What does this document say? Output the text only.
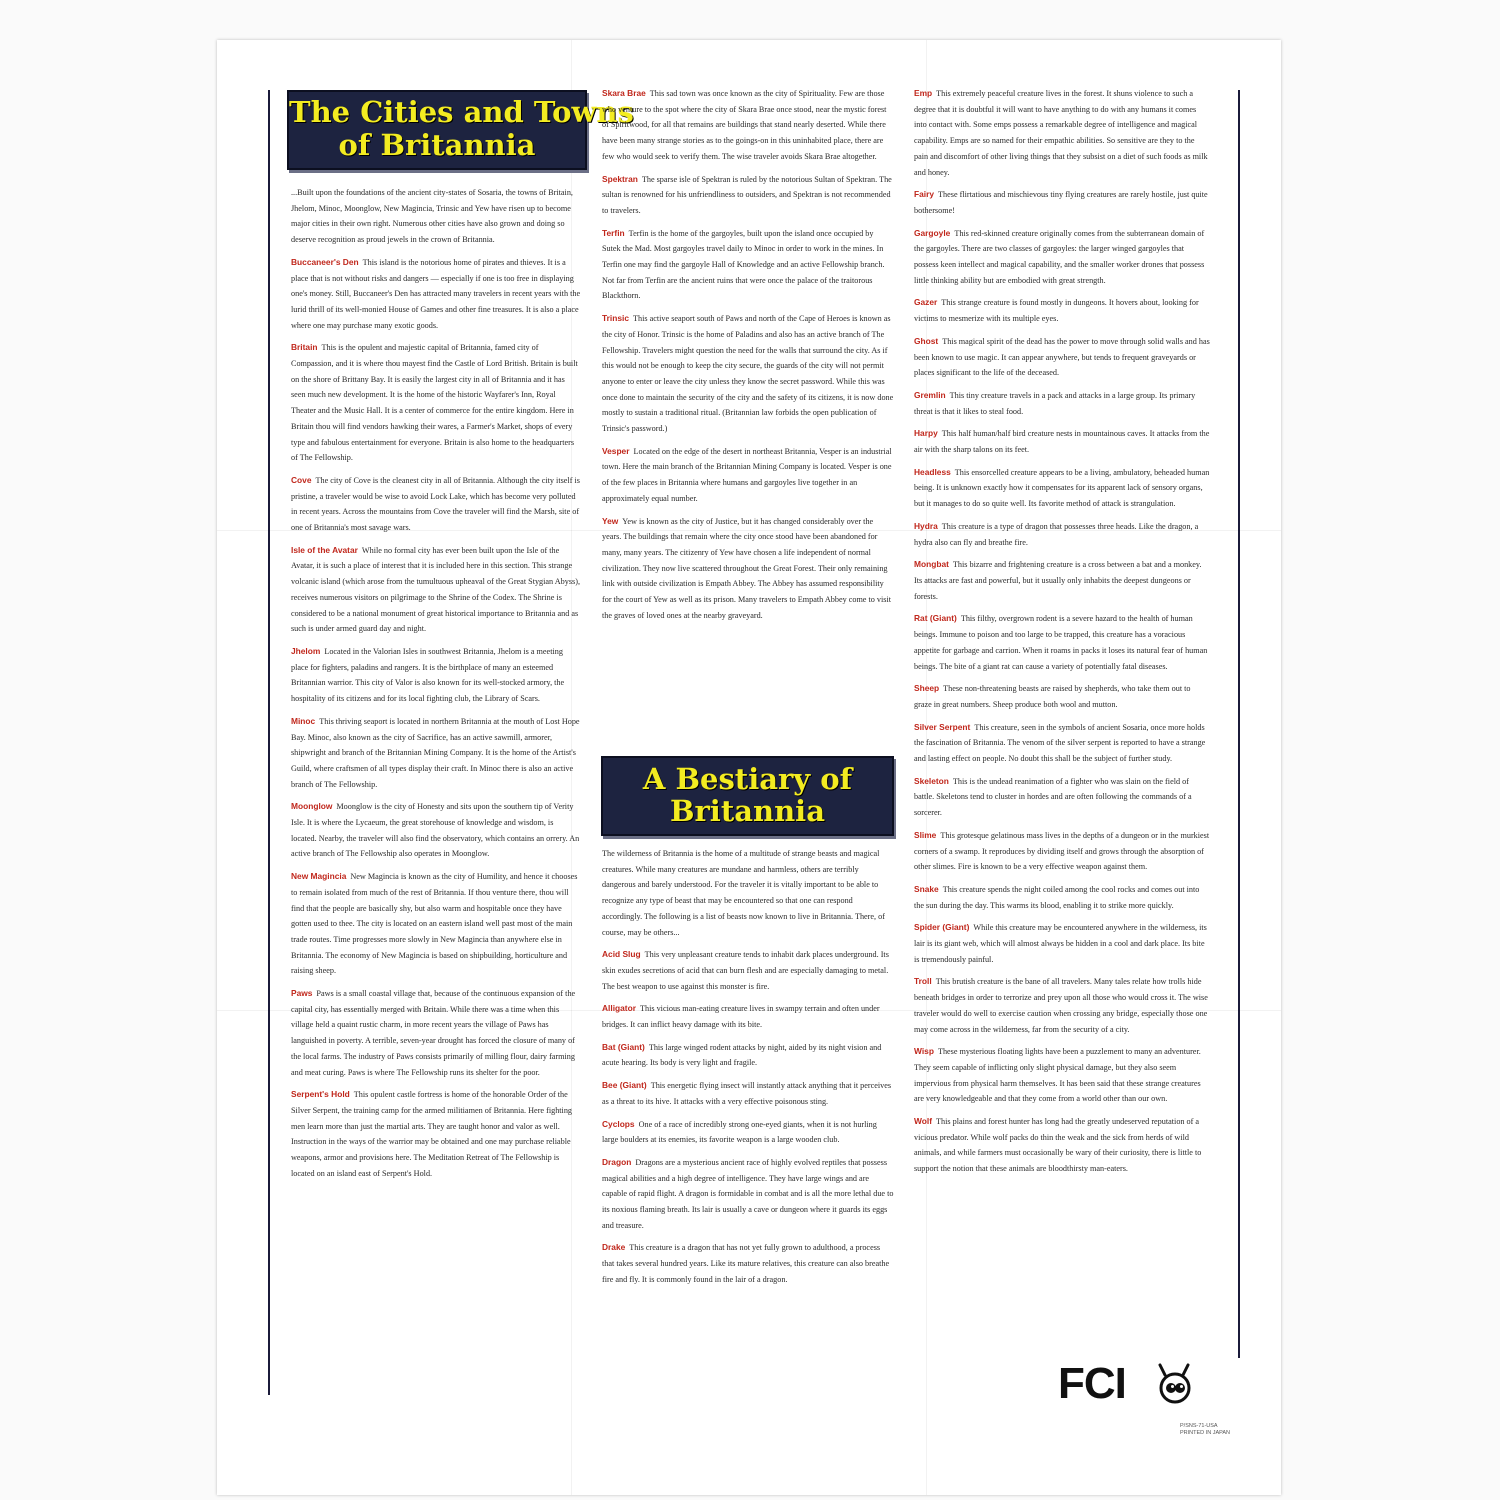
The Cities and Towns
of Britannia
A Bestiary of
Britannia

...Built upon the foundations of the ancient city-states of Sosaria, the towns of Britain, Jhelom, Minoc, Moonglow, New Magincia, Trinsic and Yew have risen up to become major cities in their own right. Numerous other cities have also grown and doing so deserve recognition as proud jewels in the crown of Britannia.

Buccaneer's Den This island is the notorious home of pirates and thieves. It is a place that is not without risks and dangers — especially if one is too free in displaying one's money. Still, Buccaneer's Den has attracted many travelers in recent years with the lurid thrill of its well-monied House of Games and other fine treasures. It is also a place where one may purchase many exotic goods.

Britain This is the opulent and majestic capital of Britannia, famed city of Compassion, and it is where thou mayest find the Castle of Lord British. Britain is built on the shore of Brittany Bay. It is easily the largest city in all of Britannia and it has seen much new development. It is the home of the historic Wayfarer's Inn, Royal Theater and the Music Hall. It is a center of commerce for the entire kingdom. Here in Britain thou will find vendors hawking their wares, a Farmer's Market, shops of every type and fabulous entertainment for everyone. Britain is also home to the headquarters of The Fellowship.

Cove The city of Cove is the cleanest city in all of Britannia. Although the city itself is pristine, a traveler would be wise to avoid Lock Lake, which has become very polluted in recent years. Across the mountains from Cove the traveler will find the Marsh, site of one of Britannia's most savage wars.

Isle of the Avatar While no formal city has ever been built upon the Isle of the Avatar, it is such a place of interest that it is included here in this section. This strange volcanic island (which arose from the tumultuous upheaval of the Great Stygian Abyss), receives numerous visitors on pilgrimage to the Shrine of the Codex. The Shrine is considered to be a national monument of great historical importance to Britannia and as such is under armed guard day and night.

Jhelom Located in the Valorian Isles in southwest Britannia, Jhelom is a meeting place for fighters, paladins and rangers. It is the birthplace of many an esteemed Britannian warrior. This city of Valor is also known for its well-stocked armory, the hospitality of its citizens and for its local fighting club, the Library of Scars.

Minoc This thriving seaport is located in northern Britannia at the mouth of Lost Hope Bay. Minoc, also known as the city of Sacrifice, has an active sawmill, armorer, shipwright and branch of the Britannian Mining Company. It is the home of the Artist's Guild, where craftsmen of all types display their craft. In Minoc there is also an active branch of The Fellowship.

Moonglow Moonglow is the city of Honesty and sits upon the southern tip of Verity Isle. It is where the Lycaeum, the great storehouse of knowledge and wisdom, is located. Nearby, the traveler will also find the observatory, which contains an orrery. An active branch of The Fellowship also operates in Moonglow.

New Magincia New Magincia is known as the city of Humility, and hence it chooses to remain isolated from much of the rest of Britannia. If thou venture there, thou will find that the people are basically shy, but also warm and hospitable once they have gotten used to thee. The city is located on an eastern island well past most of the main trade routes. Time progresses more slowly in New Magincia than anywhere else in Britannia. The economy of New Magincia is based on shipbuilding, horticulture and raising sheep.

Paws Paws is a small coastal village that, because of the continuous expansion of the capital city, has essentially merged with Britain. While there was a time when this village held a quaint rustic charm, in more recent years the village of Paws has languished in poverty. A terrible, seven-year drought has forced the closure of many of the local farms. The industry of Paws consists primarily of milling flour, dairy farming and meat curing. Paws is where The Fellowship runs its shelter for the poor.

Serpent's Hold This opulent castle fortress is home of the honorable Order of the Silver Serpent, the training camp for the armed militiamen of Britannia. Here fighting men learn more than just the martial arts. They are taught honor and valor as well. Instruction in the ways of the warrior may be obtained and one may purchase reliable weapons, armor and provisions here. The Meditation Retreat of The Fellowship is located on an island east of Serpent's Hold.

Skara Brae This sad town was once known as the city of Spirituality. Few are those who venture to the spot where the city of Skara Brae once stood, near the mystic forest of Spiritwood, for all that remains are buildings that stand nearly deserted. While there have been many strange stories as to the goings-on in this uninhabited place, there are few who would seek to verify them. The wise traveler avoids Skara Brae altogether.

Spektran The sparse isle of Spektran is ruled by the notorious Sultan of Spektran. The sultan is renowned for his unfriendliness to outsiders, and Spektran is not recommended to travelers.

Terfin Terfin is the home of the gargoyles, built upon the island once occupied by Sutek the Mad. Most gargoyles travel daily to Minoc in order to work in the mines. In Terfin one may find the gargoyle Hall of Knowledge and an active Fellowship branch. Not far from Terfin are the ancient ruins that were once the palace of the traitorous Blackthorn.

Trinsic This active seaport south of Paws and north of the Cape of Heroes is known as the city of Honor. Trinsic is the home of Paladins and also has an active branch of The Fellowship. Travelers might question the need for the walls that surround the city. As if this would not be enough to keep the city secure, the guards of the city will not permit anyone to enter or leave the city unless they know the secret password. While this was once done to maintain the security of the city and the safety of its citizens, it is now done mostly to sustain a traditional ritual. (Britannian law forbids the open publication of Trinsic's password.)

Vesper Located on the edge of the desert in northeast Britannia, Vesper is an industrial town. Here the main branch of the Britannian Mining Company is located. Vesper is one of the few places in Britannia where humans and gargoyles live together in an approximately equal number.

Yew Yew is known as the city of Justice, but it has changed considerably over the years. The buildings that remain where the city once stood have been abandoned for many, many years. The citizenry of Yew have chosen a life independent of normal civilization. They now live scattered throughout the Great Forest. Their only remaining link with outside civilization is Empath Abbey. The Abbey has assumed responsibility for the court of Yew as well as its prison. Many travelers to Empath Abbey come to visit the graves of loved ones at the nearby graveyard.

The wilderness of Britannia is the home of a multitude of strange beasts and magical creatures. While many creatures are mundane and harmless, others are terribly dangerous and barely understood. For the traveler it is vitally important to be able to recognize any type of beast that may be encountered so that one can respond accordingly. The following is a list of beasts now known to live in Britannia. There, of course, may be others...

Acid Slug This very unpleasant creature tends to inhabit dark places underground. Its skin exudes secretions of acid that can burn flesh and are especially damaging to metal. The best weapon to use against this monster is fire.

Alligator This vicious man-eating creature lives in swampy terrain and often under bridges. It can inflict heavy damage with its bite.

Bat (Giant) This large winged rodent attacks by night, aided by its night vision and acute hearing. Its body is very light and fragile.

Bee (Giant) This energetic flying insect will instantly attack anything that it perceives as a threat to its hive. It attacks with a very effective poisonous sting.

Cyclops One of a race of incredibly strong one-eyed giants, when it is not hurling large boulders at its enemies, its favorite weapon is a large wooden club.

Dragon Dragons are a mysterious ancient race of highly evolved reptiles that possess magical abilities and a high degree of intelligence. They have large wings and are capable of rapid flight. A dragon is formidable in combat and is all the more lethal due to its noxious flaming breath. Its lair is usually a cave or dungeon where it guards its eggs and treasure.

Drake This creature is a dragon that has not yet fully grown to adulthood, a process that takes several hundred years. Like its mature relatives, this creature can also breathe fire and fly. It is commonly found in the lair of a dragon.

Emp This extremely peaceful creature lives in the forest. It shuns violence to such a degree that it is doubtful it will want to have anything to do with any humans it comes into contact with. Some emps possess a remarkable degree of intelligence and magical capability. Emps are so named for their empathic abilities. So sensitive are they to the pain and discomfort of other living things that they subsist on a diet of such foods as milk and honey.

Fairy These flirtatious and mischievous tiny flying creatures are rarely hostile, just quite bothersome!

Gargoyle This red-skinned creature originally comes from the subterranean domain of the gargoyles. There are two classes of gargoyles: the larger winged gargoyles that possess keen intellect and magical capability, and the smaller worker drones that possess little thinking ability but are embodied with great strength.

Gazer This strange creature is found mostly in dungeons. It hovers about, looking for victims to mesmerize with its multiple eyes.

Ghost This magical spirit of the dead has the power to move through solid walls and has been known to use magic. It can appear anywhere, but tends to frequent graveyards or places significant to the life of the deceased.

Gremlin This tiny creature travels in a pack and attacks in a large group. Its primary threat is that it likes to steal food.

Harpy This half human/half bird creature nests in mountainous caves. It attacks from the air with the sharp talons on its feet.

Headless This ensorcelled creature appears to be a living, ambulatory, beheaded human being. It is unknown exactly how it compensates for its apparent lack of sensory organs, but it manages to do so quite well. Its favorite method of attack is strangulation.

Hydra This creature is a type of dragon that possesses three heads. Like the dragon, a hydra also can fly and breathe fire.

Mongbat This bizarre and frightening creature is a cross between a bat and a monkey. Its attacks are fast and powerful, but it usually only inhabits the deepest dungeons or forests.

Rat (Giant) This filthy, overgrown rodent is a severe hazard to the health of human beings. Immune to poison and too large to be trapped, this creature has a voracious appetite for garbage and carrion. When it roams in packs it loses its natural fear of human beings. The bite of a giant rat can cause a variety of potentially fatal diseases.

Sheep These non-threatening beasts are raised by shepherds, who take them out to graze in great numbers. Sheep produce both wool and mutton.

Silver Serpent This creature, seen in the symbols of ancient Sosaria, once more holds the fascination of Britannia. The venom of the silver serpent is reported to have a strange and lasting effect on people. No doubt this shall be the subject of further study.

Skeleton This is the undead reanimation of a fighter who was slain on the field of battle. Skeletons tend to cluster in hordes and are often following the commands of a sorcerer.

Slime This grotesque gelatinous mass lives in the depths of a dungeon or in the murkiest corners of a swamp. It reproduces by dividing itself and grows through the absorption of other slimes. Fire is known to be a very effective weapon against them.

Snake This creature spends the night coiled among the cool rocks and comes out into the sun during the day. This warms its blood, enabling it to strike more quickly.

Spider (Giant) While this creature may be encountered anywhere in the wilderness, its lair is its giant web, which will almost always be hidden in a cool and dark place. Its bite is tremendously painful.

Troll This brutish creature is the bane of all travelers. Many tales relate how trolls hide beneath bridges in order to terrorize and prey upon all those who would cross it. The wise traveler would do well to exercise caution when crossing any bridge, especially those one may come across in the wilderness, far from the security of a city.

Wisp These mysterious floating lights have been a puzzlement to many an adventurer. They seem capable of inflicting only slight physical damage, but they also seem impervious from physical harm themselves. It has been said that these strange creatures are very knowledgeable and that they come from a world other than our own.

Wolf This plains and forest hunter has long had the greatly undeserved reputation of a vicious predator. While wolf packs do thin the weak and the sick from herds of wild animals, and while farmers must occasionally be wary of their curiosity, there is little to support the notion that these animals are bloodthirsty man-eaters.

FCI
P/SNS-71-USA
PRINTED IN JAPAN
